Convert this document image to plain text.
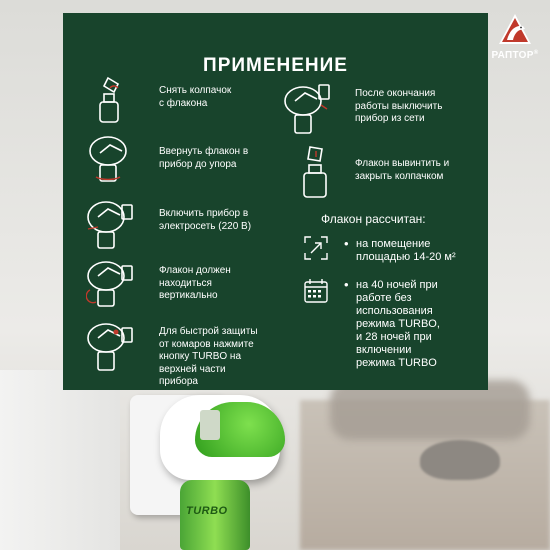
TURBO
ПРИМЕНЕНИЕ	РАПТОР®
Снять колпачок
с флакона
Ввернуть флакон в
прибор до упора
Включить прибор в
электросеть (220 В)
Флакон должен
находиться
вертикально
Для быстрой защиты
от комаров нажмите
кнопку TURBO на
верхней части
прибора
После окончания
работы выключить
прибор из сети
Флакон вывинтить и
закрыть колпачком
Флакон рассчитан:
• на помещение
площадью 14-20 м²
• на 40 ночей при
работе без
использования
режима TURBO,
и 28 ночей при
включении
режима TURBO
